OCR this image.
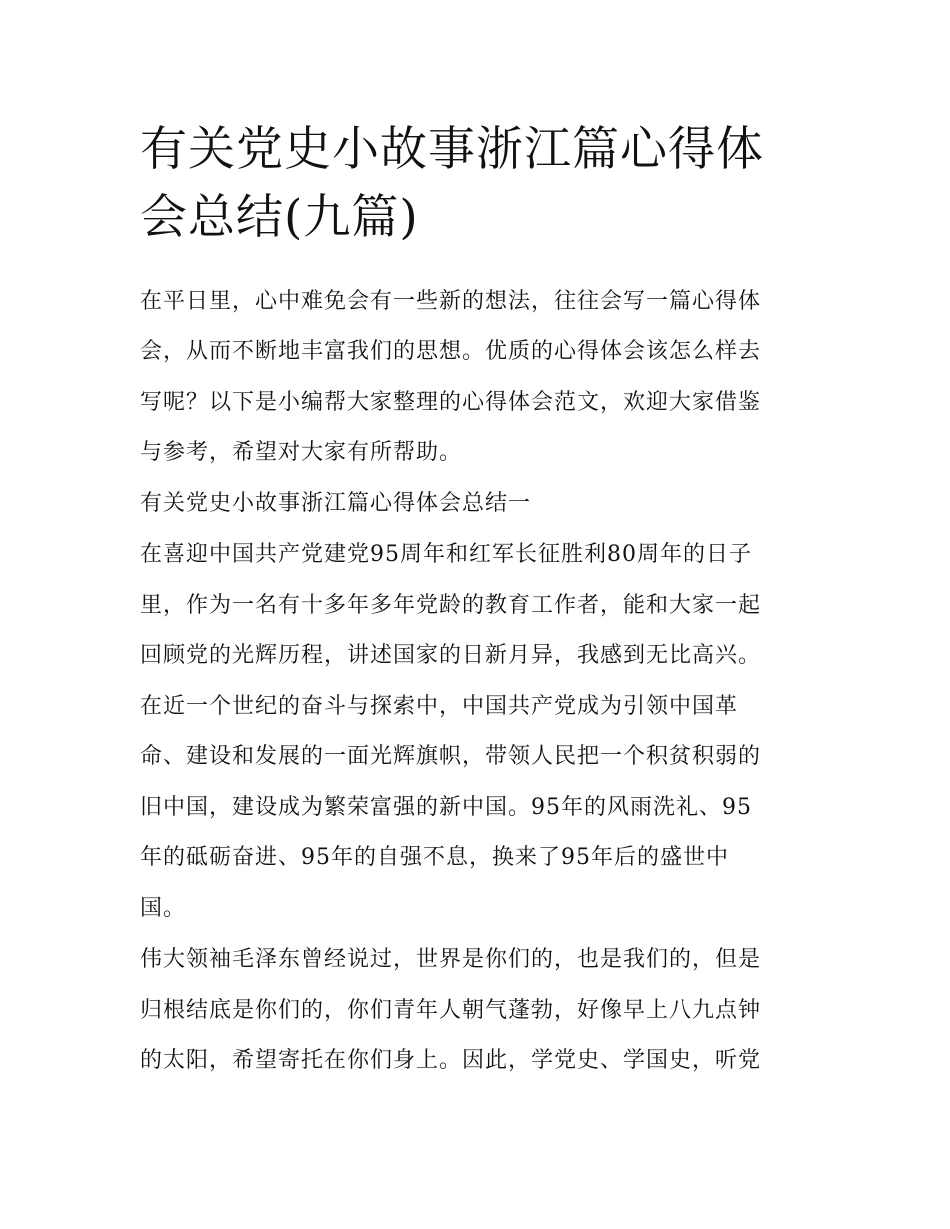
有关党史小故事浙江篇心得体
会总结(九篇)
在平日里，心中难免会有一些新的想法，往往会写一篇心得体
会，从而不断地丰富我们的思想。优质的心得体会该怎么样去
写呢？以下是小编帮大家整理的心得体会范文，欢迎大家借鉴
与参考，希望对大家有所帮助。
有关党史小故事浙江篇心得体会总结一
在喜迎中国共产党建党95周年和红军长征胜利80周年的日子
里，作为一名有十多年多年党龄的教育工作者，能和大家一起
回顾党的光辉历程，讲述国家的日新月异，我感到无比高兴。
在近一个世纪的奋斗与探索中，中国共产党成为引领中国革
命、建设和发展的一面光辉旗帜，带领人民把一个积贫积弱的
旧中国，建设成为繁荣富强的新中国。95年的风雨洗礼、95
年的砥砺奋进、95年的自强不息，换来了95年后的盛世中
国。
伟大领袖毛泽东曾经说过，世界是你们的，也是我们的，但是
归根结底是你们的，你们青年人朝气蓬勃，好像早上八九点钟
的太阳，希望寄托在你们身上。因此，学党史、学国史，听党
